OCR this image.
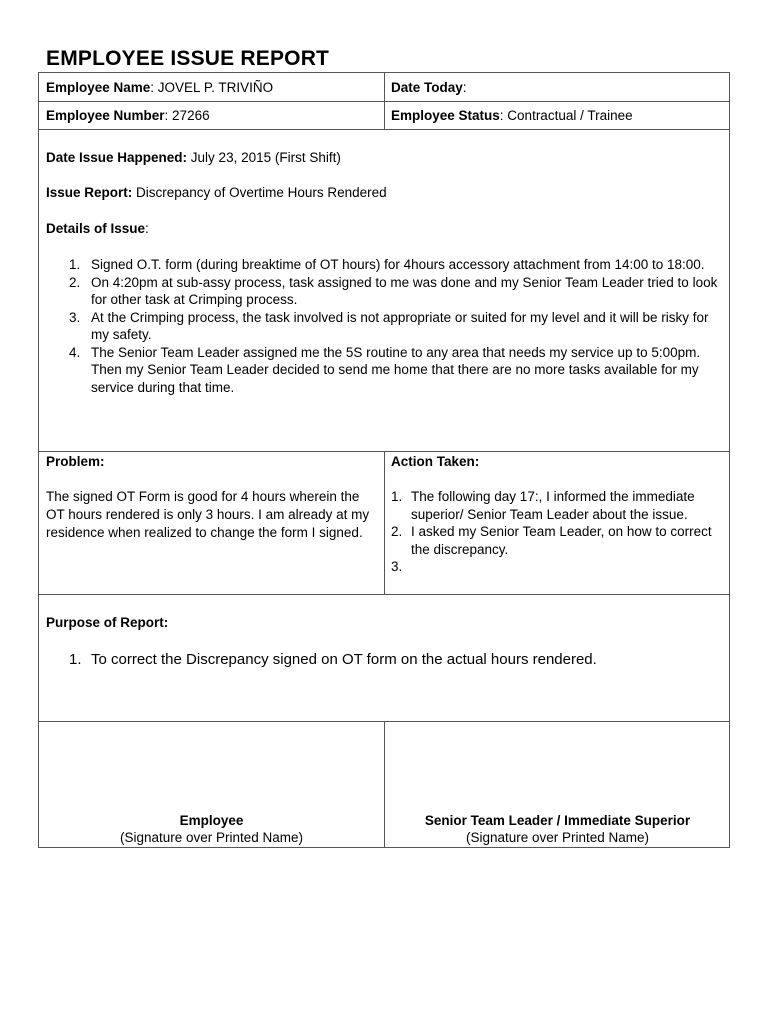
EMPLOYEE ISSUE REPORT
Employee Name: JOVEL P. TRIVIÑO	Date Today:
Employee Number: 27266	Employee Status: Contractual / Trainee
Date Issue Happened: July 23, 2015 (First Shift)
Issue Report: Discrepancy of Overtime Hours Rendered
Details of Issue:
1. Signed O.T. form (during breaktime of OT hours) for 4hours accessory attachment from 14:00 to 18:00.
2. On 4:20pm at sub-assy process, task assigned to me was done and my Senior Team Leader tried to look for other task at Crimping process.
3. At the Crimping process, the task involved is not appropriate or suited for my level and it will be risky for my safety.
4. The Senior Team Leader assigned me the 5S routine to any area that needs my service up to 5:00pm. Then my Senior Team Leader decided to send me home that there are no more tasks available for my service during that time.
Problem:
The signed OT Form is good for 4 hours wherein the OT hours rendered is only 3 hours. I am already at my residence when realized to change the form I signed.
Action Taken:
1. The following day 17:, I informed the immediate superior/ Senior Team Leader about the issue.
2. I asked my Senior Team Leader, on how to correct the discrepancy.
3.
Purpose of Report:
1. To correct the Discrepancy signed on OT form on the actual hours rendered.
Employee
(Signature over Printed Name)
Senior Team Leader / Immediate Superior
(Signature over Printed Name)
